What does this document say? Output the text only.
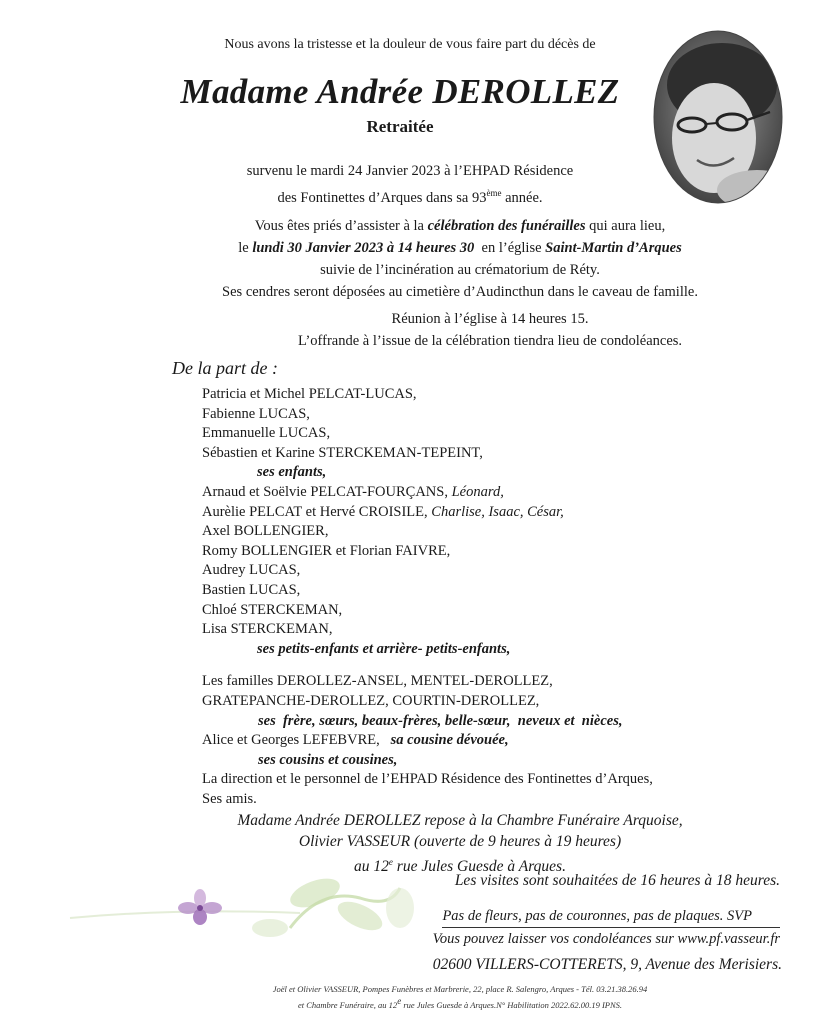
Nous avons la tristesse et la douleur de vous faire part du décès de
Madame Andrée DEROLLEZ
Retraitée
survenu le mardi 24 Janvier 2023 à l’EHPAD Résidence
des Fontinettes d’Arques dans sa 93ème année.
Vous êtes priés d’assister à la célébration des funérailles qui aura lieu,
le lundi 30 Janvier 2023 à 14 heures 30  en l’église Saint-Martin d’Arques
suivie de l’incinération au crématorium de Réty.
Ses cendres seront déposées au cimetière d’Audincthun dans le caveau de famille.
Réunion à l’église à 14 heures 15.
L’offrande à l’issue de la célébration tiendra lieu de condoléances.
De la part de :
Patricia et Michel PELCAT-LUCAS,
Fabienne LUCAS,
Emmanuelle LUCAS,
Sébastien et Karine STERCKEMAN-TEPEINT,
ses enfants,
Arnaud et Soëlvie PELCAT-FOURÇANS, Léonard,
Aurèlie PELCAT et Hervé CROISILE, Charlise, Isaac, César,
Axel BOLLENGIER,
Romy BOLLENGIER et Florian FAIVRE,
Audrey LUCAS,
Bastien LUCAS,
Chloé STERCKEMAN,
Lisa STERCKEMAN,
ses petits-enfants et arrière- petits-enfants,
Les familles DEROLLEZ-ANSEL, MENTEL-DEROLLEZ,
GRATEPANCHE-DEROLLEZ, COURTIN-DEROLLEZ,
ses  frère, sœurs, beaux-frères, belle-sœur,  neveux et  nièces,
Alice et Georges LEFEBVRE,   sa cousine dévouée,
ses cousins et cousines,
La direction et le personnel de l’EHPAD Résidence des Fontinettes d’Arques,
Ses amis.
Madame Andrée DEROLLEZ repose à la Chambre Funéraire Arquoise,
Olivier VASSEUR (ouverte de 9 heures à 19 heures)
au 12e rue Jules Guesde à Arques.
Les visites sont souhaitées de 16 heures à 18 heures.
Pas de fleurs, pas de couronnes, pas de plaques. SVP
Vous pouvez laisser vos condoléances sur www.pf.vasseur.fr
02600 VILLERS-COTTERETS, 9, Avenue des Merisiers.
Joël et Olivier VASSEUR, Pompes Funèbres et Marbrerie, 22, place R. Salengro, Arques - Tél. 03.21.38.26.94
et Chambre Funéraire, au 12e rue Jules Guesde à Arques.N° Habilitation 2022.62.00.19 IPNS.
